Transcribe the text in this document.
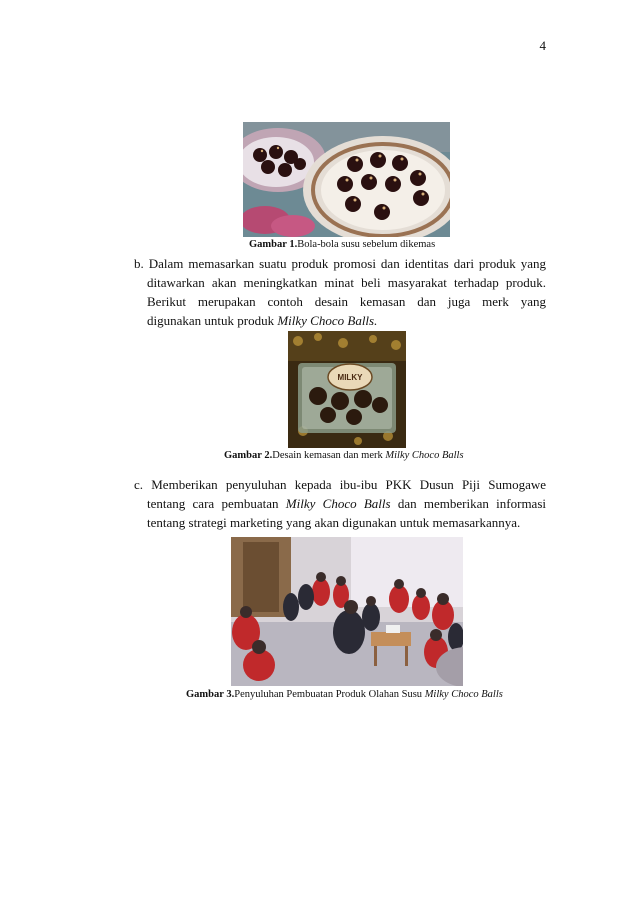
4
Gambar 1.Bola-bola susu sebelum dikemas
b. Dalam memasarkan suatu produk promosi dan identitas dari produk yang
ditawarkan akan meningkatkan minat beli masyarakat terhadap produk.
Berikut merupakan contoh desain kemasan dan juga merk yang
digunakan untuk produk Milky Choco Balls.
MILKY
Gambar 2.Desain kemasan dan merk Milky Choco Balls
c. Memberikan penyuluhan kepada ibu-ibu PKK Dusun Piji Sumogawe
tentang cara pembuatan Milky Choco Balls dan memberikan informasi
tentang strategi marketing yang akan digunakan untuk memasarkannya.
Gambar 3.Penyuluhan Pembuatan Produk Olahan Susu Milky Choco Balls
